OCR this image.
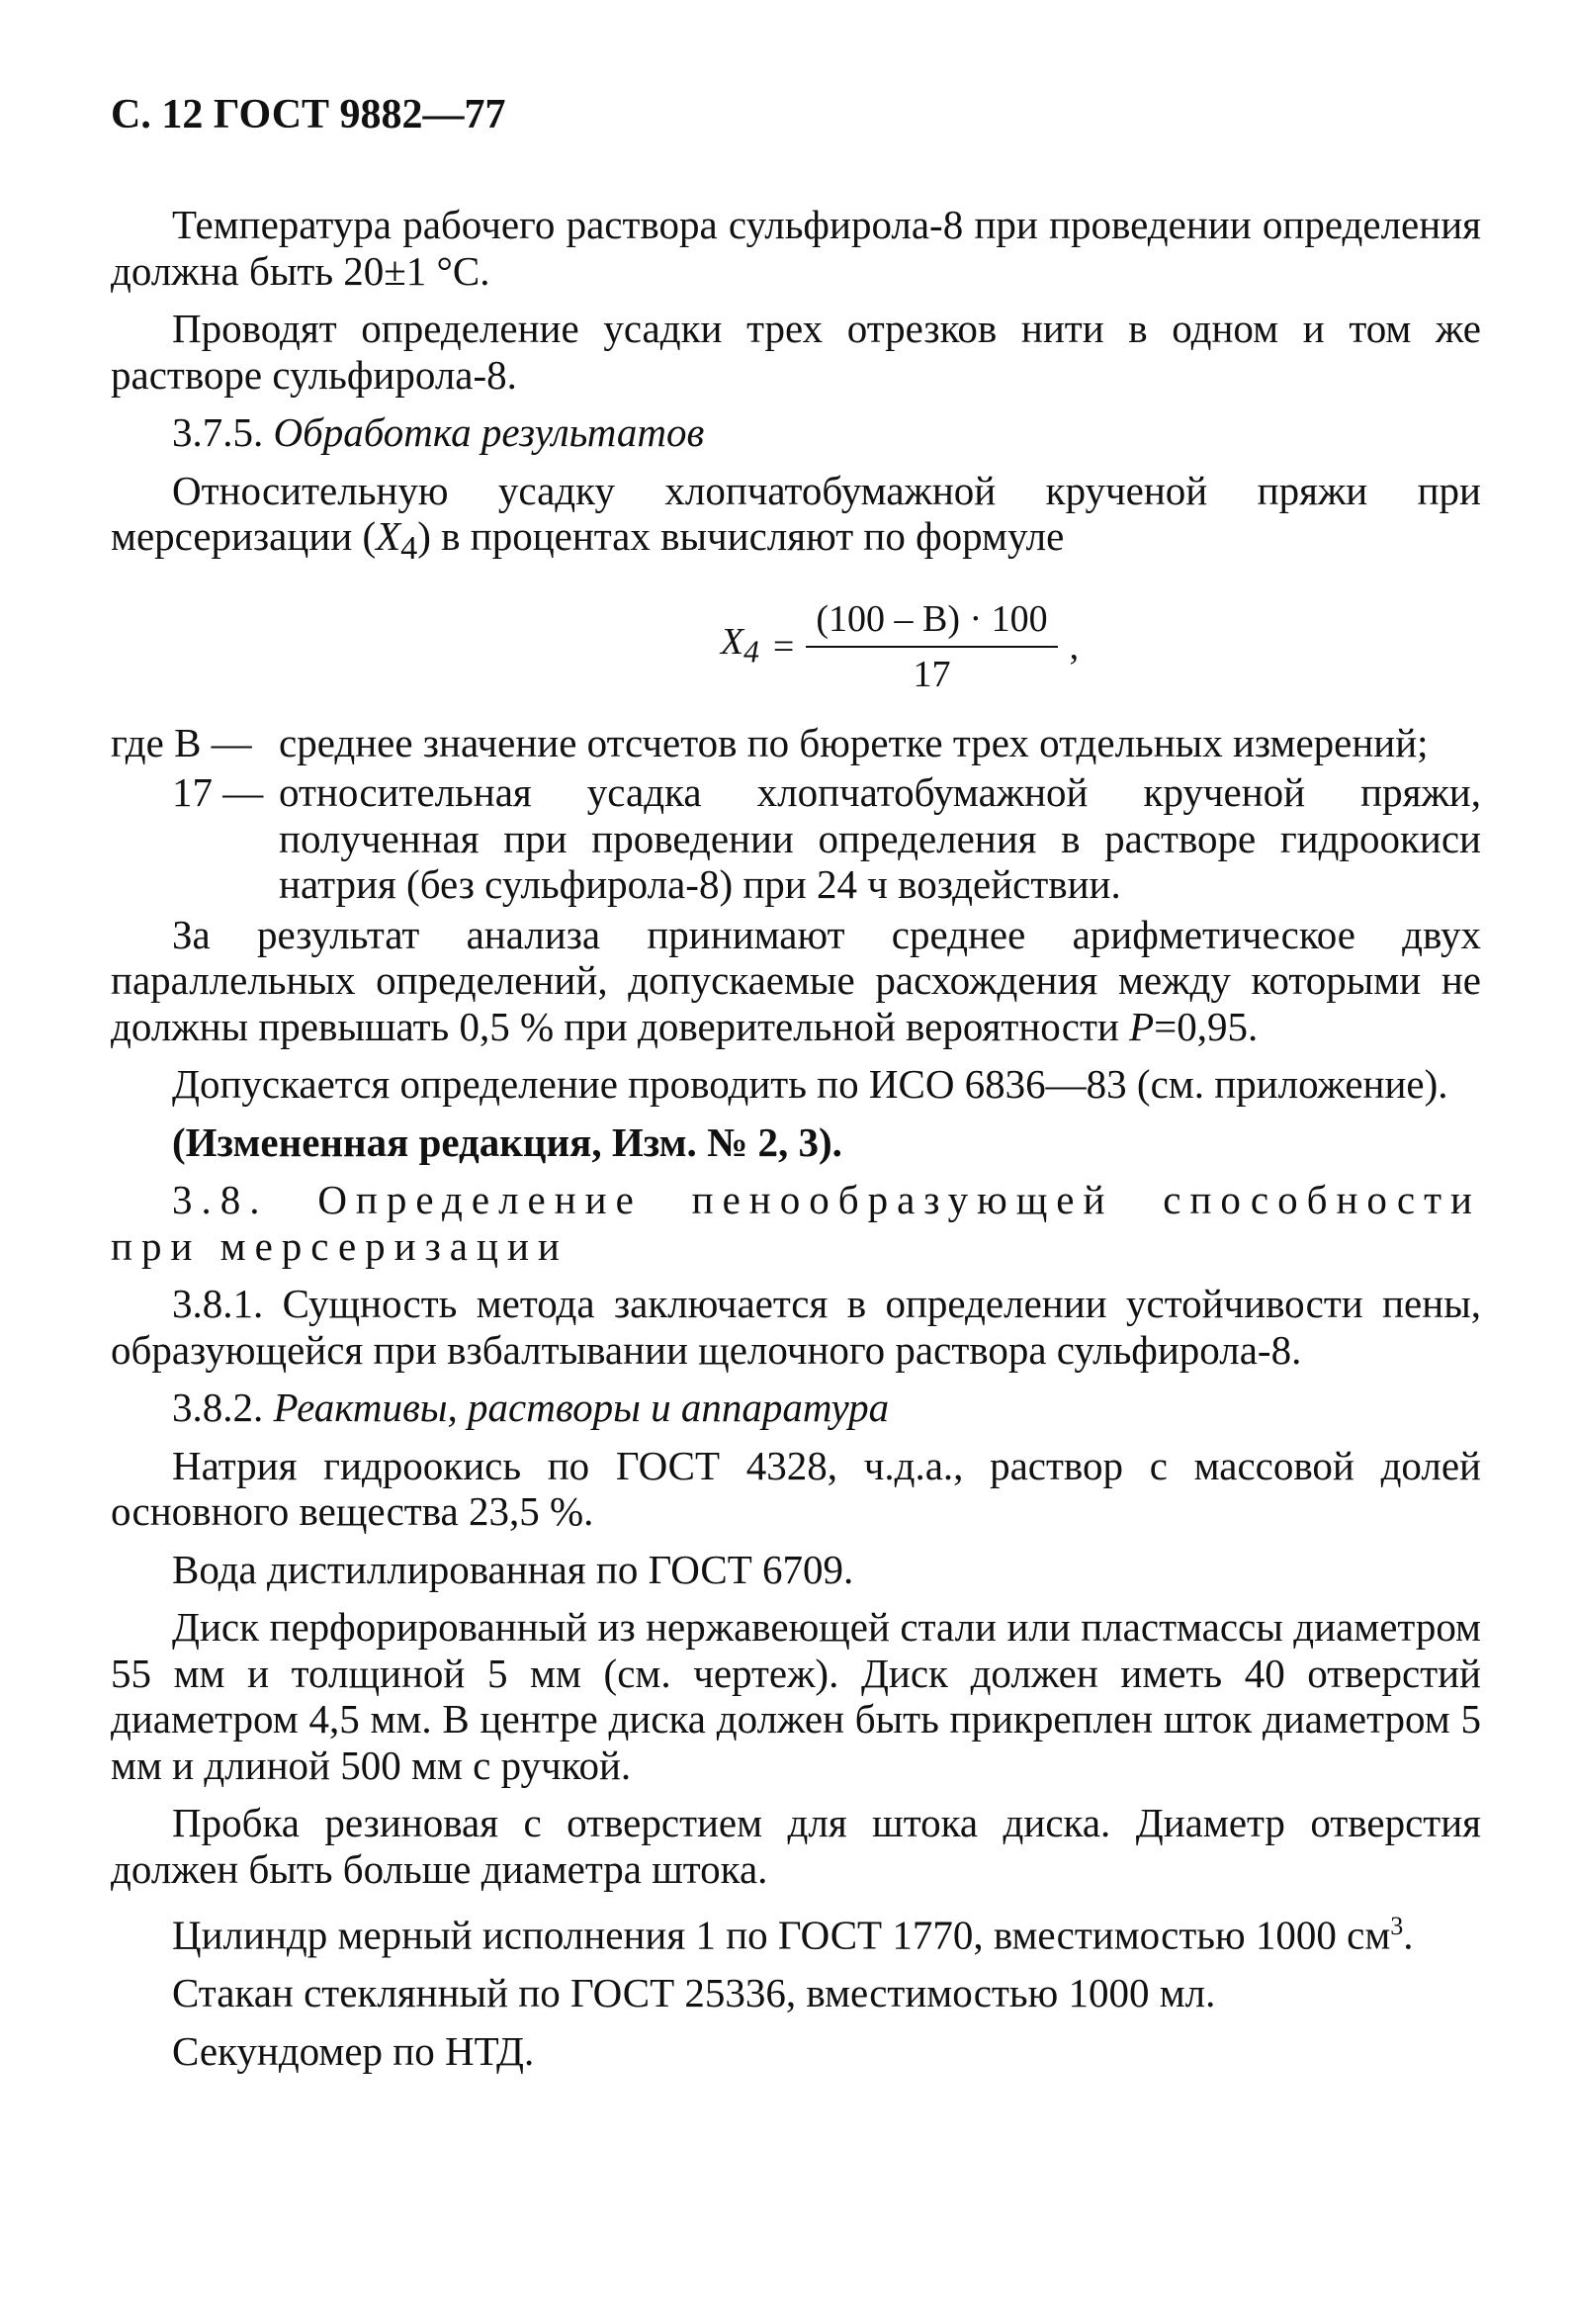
С. 12 ГОСТ 9882—77

Температура рабочего раствора сульфирола-8 при проведении определения должна быть 20±1 °С.

Проводят определение усадки трех отрезков нити в одном и том же растворе сульфирола-8.

3.7.5. Обработка результатов

Относительную усадку хлопчатобумажной крученой пряжи при мерсеризации $(X_4)$ в процентах вычисляют по формуле

$X_4 = \frac{(100 - B) \cdot 100}{17}$ ,
где B — среднее значение отсчетов по бюретке трех отдельных измерений;
17 — относительная усадка хлопчатобумажной крученой пряжи, полученная при проведении определения в растворе гидроокиси натрия (без сульфирола-8) при 24 ч воздействии.

За результат анализа принимают среднее арифметическое двух параллельных определений, допускаемые расхождения между которыми не должны превышать 0,5 % при доверительной вероятности P=0,95.

Допускается определение проводить по ИСО 6836—83 (см. приложение).

(Измененная редакция, Изм. № 2, 3).

3.8. Определение пенообразующей способности при мерсеризации

3.8.1. Сущность метода заключается в определении устойчивости пены, образующейся при взбалтывании щелочного раствора сульфирола-8.

3.8.2. Реактивы, растворы и аппаратура

Натрия гидроокись по ГОСТ 4328, ч.д.а., раствор с массовой долей основного вещества 23,5 %.

Вода дистиллированная по ГОСТ 6709.

Диск перфорированный из нержавеющей стали или пластмассы диаметром 55 мм и толщиной 5 мм (см. чертеж). Диск должен иметь 40 отверстий диаметром 4,5 мм. В центре диска должен быть прикреплен шток диаметром 5 мм и длиной 500 мм с ручкой.

Пробка резиновая с отверстием для штока диска. Диаметр отверстия должен быть больше диаметра штока.

Цилиндр мерный исполнения 1 по ГОСТ 1770, вместимостью 1000 $см^3$.

Стакан стеклянный по ГОСТ 25336, вместимостью 1000 мл.

Секундомер по НТД.
